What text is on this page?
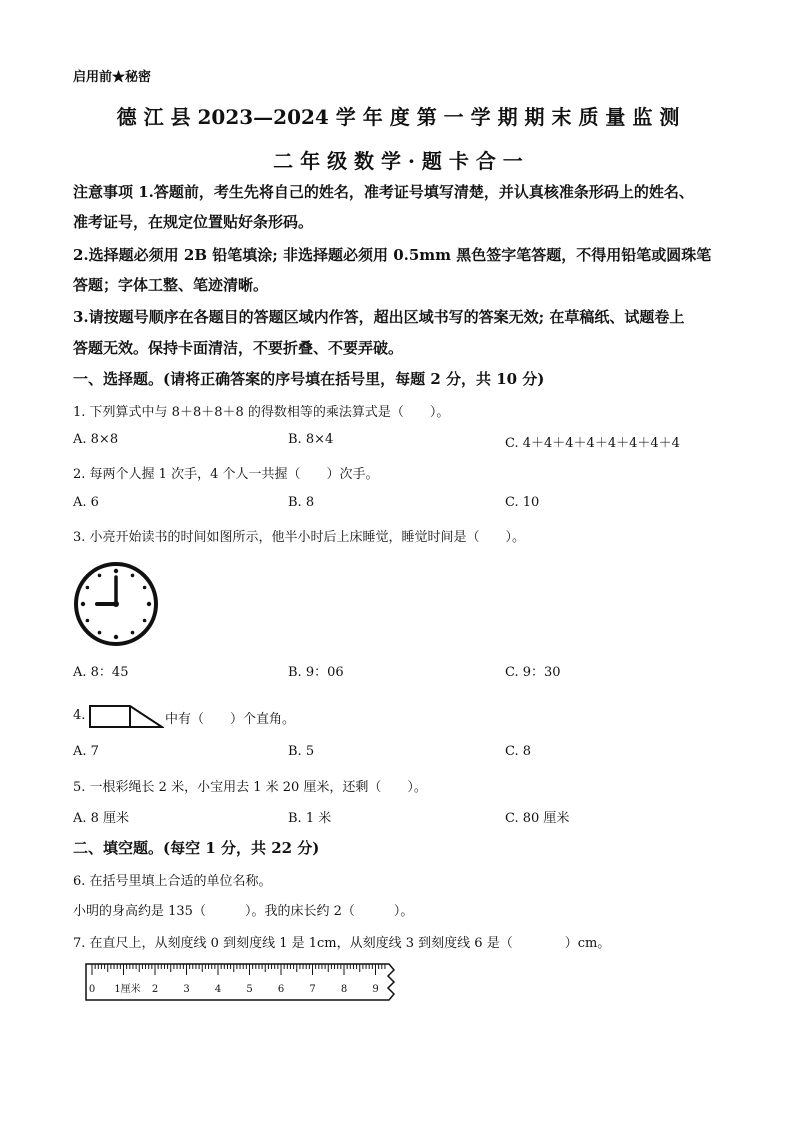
启用前★秘密
德 江 县 2023—2024 学 年 度 第 一 学 期 期 末 质 量 监 测
二 年 级 数 学 · 题 卡 合 一
注意事项 1.答题前，考生先将自己的姓名，准考证号填写清楚，并认真核准条形码上的姓名、
准考证号，在规定位置贴好条形码。
2.选择题必须用 2B 铅笔填涂; 非选择题必须用 0.5mm 黑色签字笔答题，不得用铅笔或圆珠笔
答题；字体工整、笔迹清晰。
3.请按题号顺序在各题目的答题区域内作答，超出区域书写的答案无效; 在草稿纸、试题卷上
答题无效。保持卡面清洁，不要折叠、不要弄破。
一、选择题。(请将正确答案的序号填在括号里，每题 2 分，共 10 分)
1. 下列算式中与 8＋8＋8＋8 的得数相等的乘法算式是（　　）。
A. 8×8	B. 8×4	C. 4＋4＋4＋4＋4＋4＋4＋4
2. 每两个人握 1 次手，4 个人一共握（　　）次手。
A. 6	B. 8	C. 10
3. 小亮开始读书的时间如图所示，他半小时后上床睡觉，睡觉时间是（　　）。
A. 8：45	B. 9：06	C. 9：30
4.	中有（　　）个直角。
A. 7	B. 5	C. 8
5. 一根彩绳长 2 米，小宝用去 1 米 20 厘米，还剩（　　）。
A. 8 厘米	B. 1 米	C. 80 厘米
二、填空题。(每空 1 分，共 22 分)
6. 在括号里填上合适的单位名称。
小明的身高约是 135（　　　）。我的床长约 2（　　　）。
7. 在直尺上，从刻度线 0 到刻度线 1 是 1cm，从刻度线 3 到刻度线 6 是（　　　　）cm。
0 1厘米 2	3	4	5	6	7	8	9
